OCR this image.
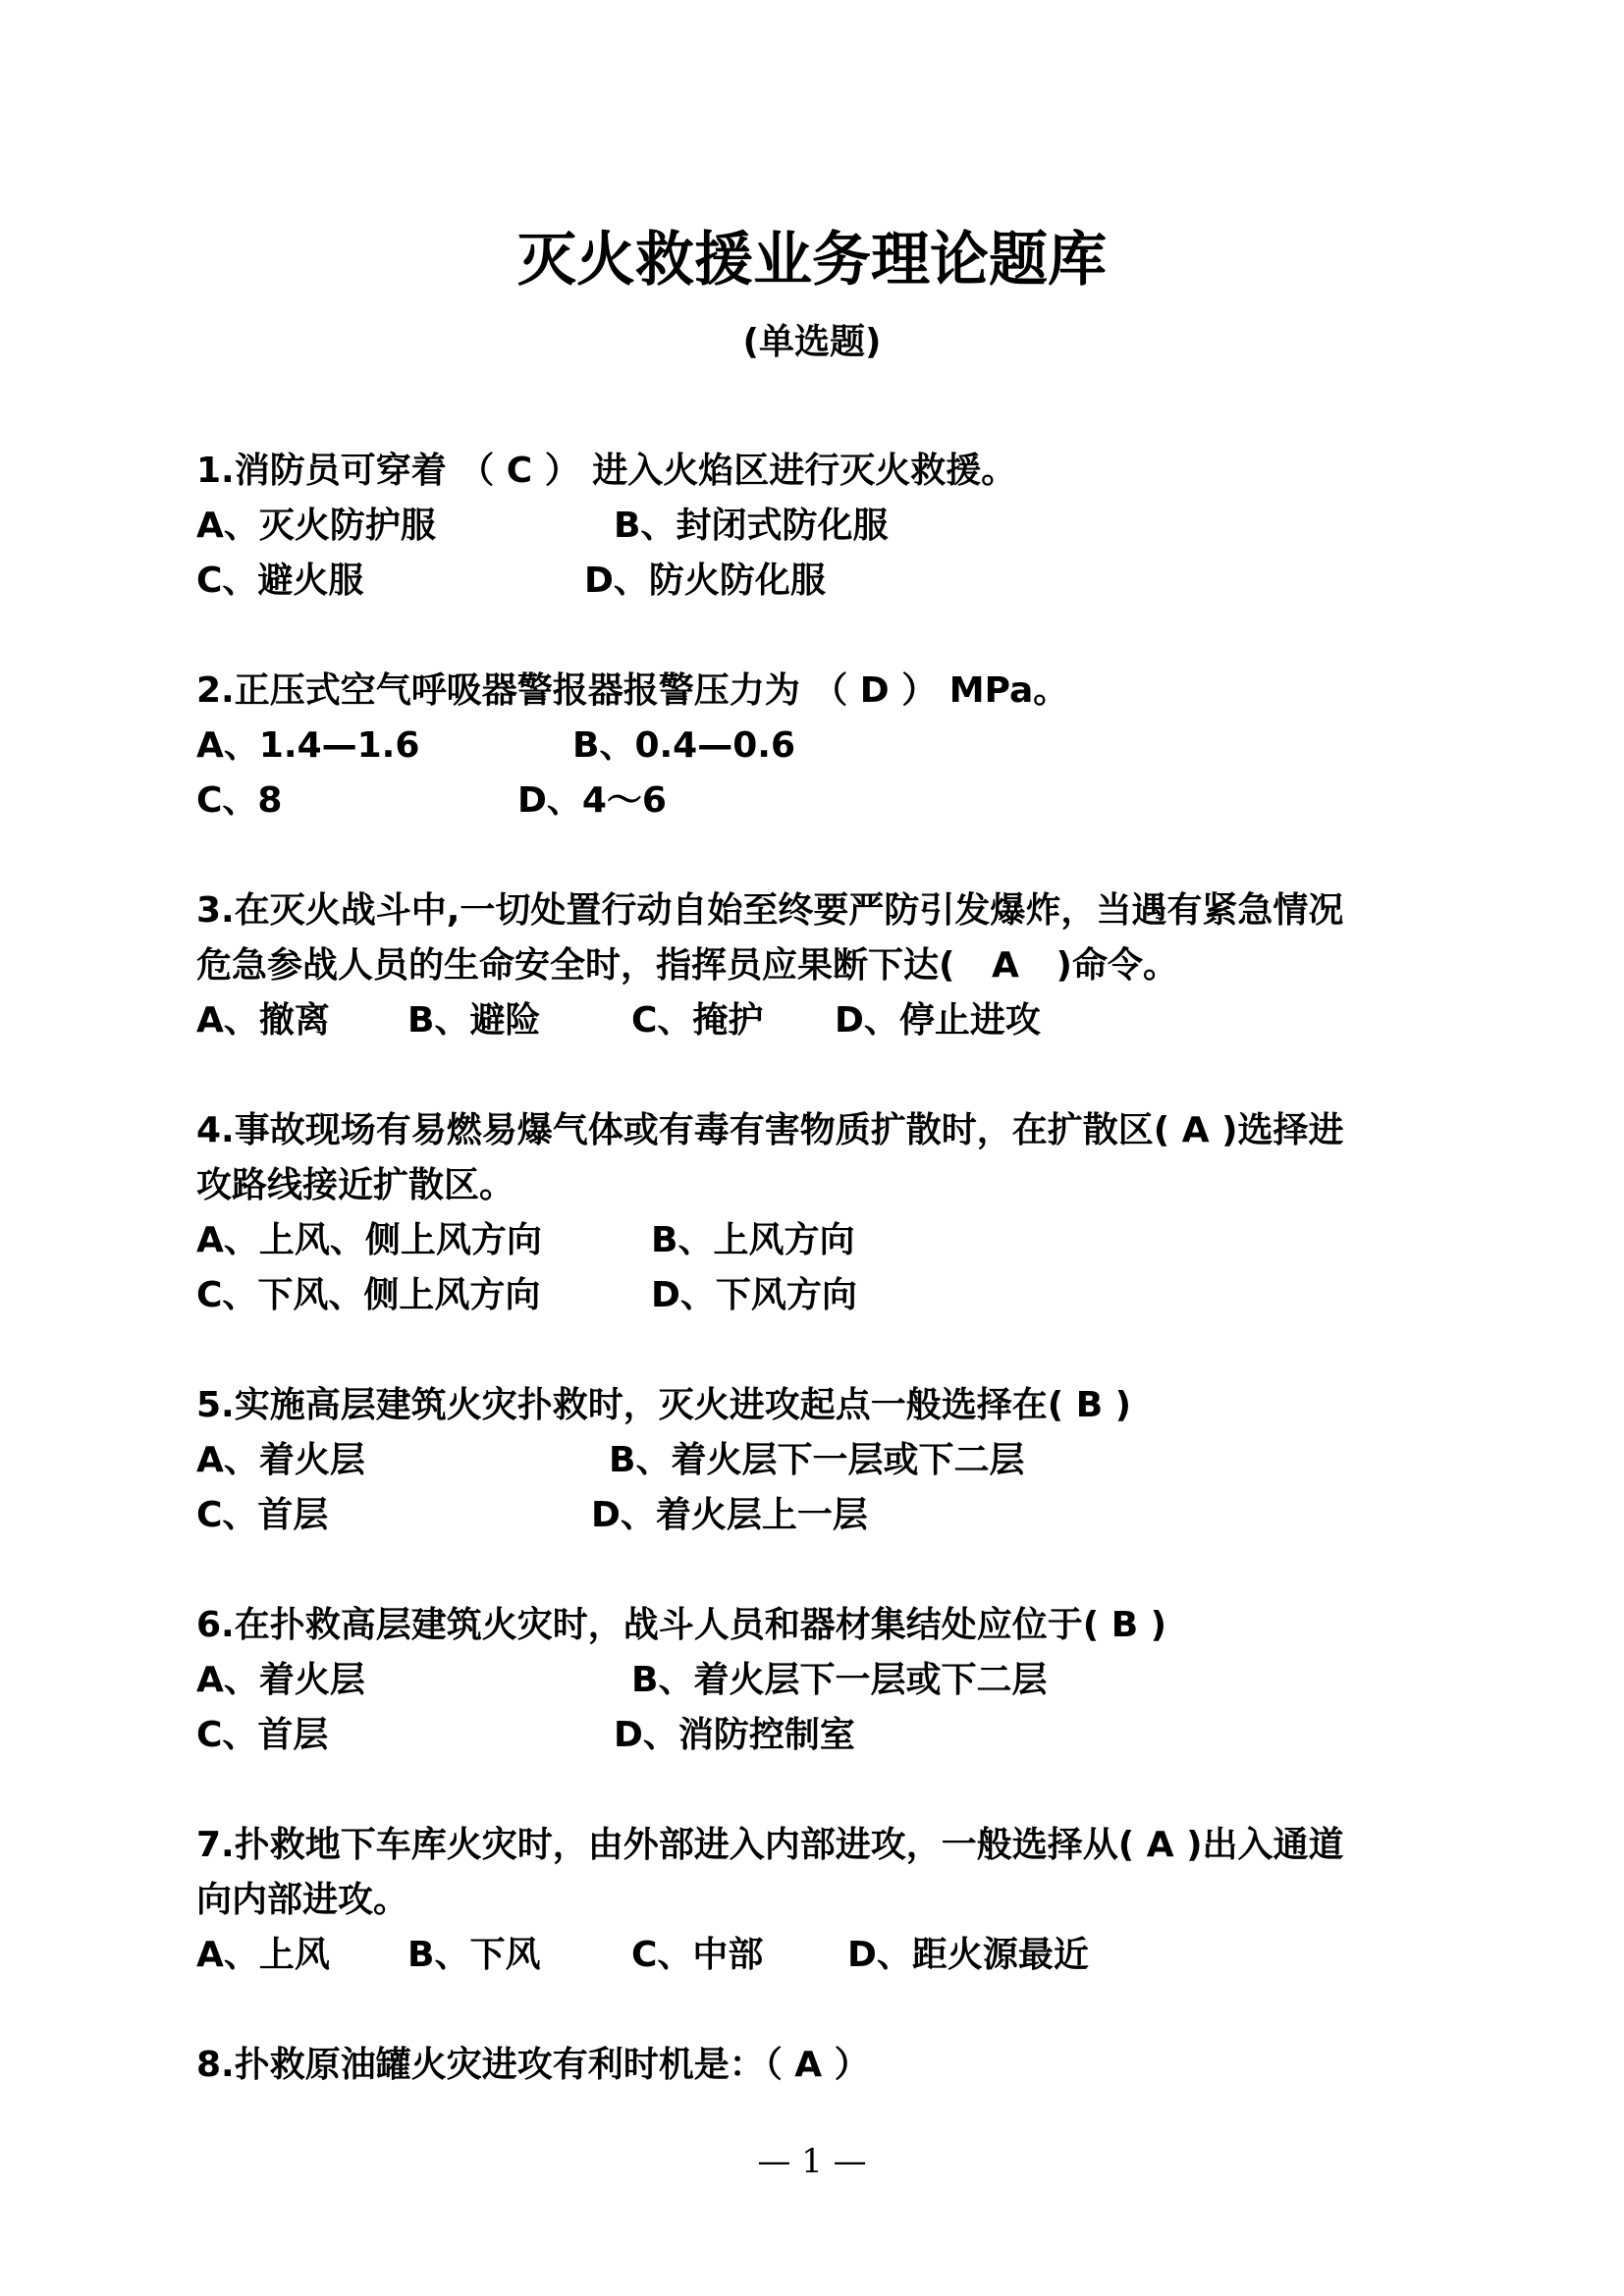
灭火救援业务理论题库
(单选题)
1.消防员可穿着 （ C ） 进入火焰区进行灭火救援。

A、灭火防护服

	B、封闭式防化服

C、避火服

	D、防火防化服

2.正压式空气呼吸器警报器报警压力为 （ D ） MPa。

A、1.4—1.6

	B、0.4—0.6

C、8

	D、4～6

3.在灭火战斗中,一切处置行动自始至终要严防引发爆炸，当遇有紧急情况
危急参战人员的生命安全时，指挥员应果断下达(   A   )命令。

A、撤离

B、避险

	C、掩护

D、停止进攻

4.事故现场有易燃易爆气体或有毒有害物质扩散时，在扩散区( A )选择进
攻路线接近扩散区。

A、上风、侧上风方向

	B、上风方向

C、下风、侧上风方向

	D、下风方向

5.实施高层建筑火灾扑救时，灭火进攻起点一般选择在( B )

A、着火层

	B、着火层下一层或下二层

C、首层

	D、着火层上一层

6.在扑救高层建筑火灾时，战斗人员和器材集结处应位于( B )

A、着火层

	B、着火层下一层或下二层

C、首层

	D、消防控制室

7.扑救地下车库火灾时，由外部进入内部进攻，一般选择从( A )出入通道
向内部进攻。

A、上风

B、下风

	C、中部

D、距火源最近

8.扑救原油罐火灾进攻有利时机是：（ A ）
— 1 —
